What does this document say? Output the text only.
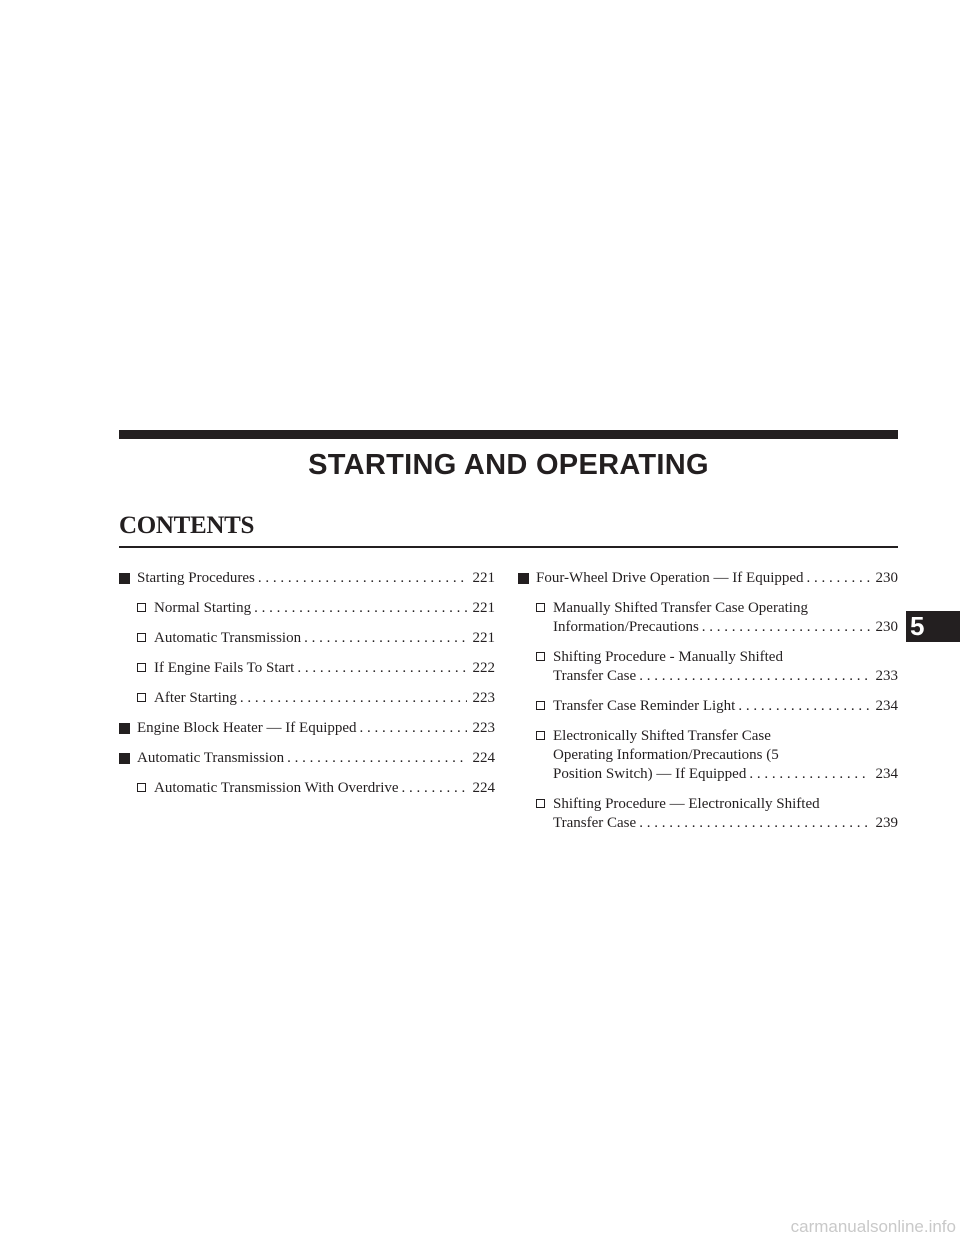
STARTING AND OPERATING
CONTENTS
Starting Procedures . . .	221
Normal Starting . . .	221
Automatic Transmission . . .	221
If Engine Fails To Start . . .	222
After Starting . . .	223
Engine Block Heater — If Equipped . . .	223
Automatic Transmission . . .	224
Automatic Transmission With Overdrive . . .	224
Four-Wheel Drive Operation — If Equipped . . .	230
Manually Shifted Transfer Case Operating
Information/Precautions . . .	230
Shifting Procedure - Manually Shifted
Transfer Case . . .	233
Transfer Case Reminder Light . . .	234
Electronically Shifted Transfer Case
Operating Information/Precautions (5
Position Switch) — If Equipped . . .	234
Shifting Procedure — Electronically Shifted
Transfer Case . . .	239
5
carmanualsonline.info
